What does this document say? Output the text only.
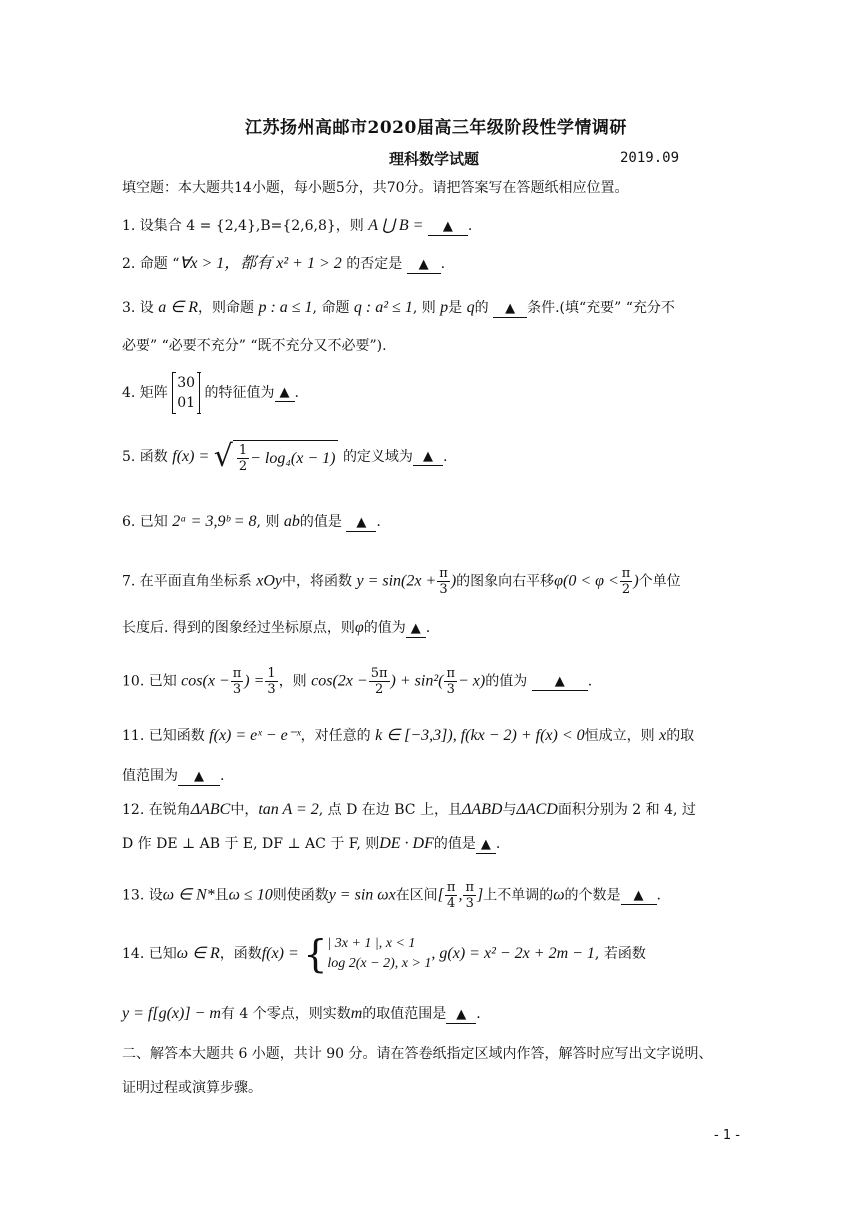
江苏扬州高邮市2020届高三年级阶段性学情调研
理科数学试题	2019.09
填空题：本大题共14小题，每小题5分，共70分。请把答案写在答题纸相应位置。
1. 设集合 4 = {2,4},B={2,6,8}，则 A ⋃ B = ▲ .
2. 命题 “∀x > 1，都有 x² + 1 > 2 的否定是 ▲ .
3. 设 a ∈ R，则命题 p : a ≤ 1, 命题 q : a² ≤ 1, 则 p是 q的 ▲ 条件.(填“充要” “充分不
必要” “必要不充分” “既不充分又不必要”).
4. 矩阵
30
01
的特征值为 ▲ .
5. 函数 f(x) = √ $\frac{1}{2} - \log_4(x - 1)$ 的定义域为 ▲ .
6. 已知 2ᵃ = 3,9ᵇ = 8, 则 ab的值是 ▲ .
7. 在平面直角坐标系 xOy中，将函数 $y = \sin(2x + \frac{\pi}{3}$ )的图象向右平移$\varphi(0 < \varphi < \frac{\pi}{2}$ )个单位
长度后. 得到的图象经过坐标原点，则φ的值为 ▲ .
10. 已知 $\cos(x - \frac{\pi}{3}$ ) = $\frac{1}{3}$ ，则 $\cos(2x - \frac{5\pi}{2}$ ) + $\sin^2( \frac{\pi}{3} - x)$的值为 ▲ .
11. 已知函数 f(x) = eˣ − e⁻ˣ，对任意的 k ∈ [−3,3]), f(kx − 2) + f(x) < 0恒成立，则 x的取
值范围为 ▲ .
12. 在锐角ΔABC中，tan A = 2, 点 D 在边 BC 上，且ΔABD与ΔACD面积分别为 2 和 4, 过
D 作 DE ⊥ AB 于 E, DF ⊥ AC 于 F, 则DE · DF的值是 ▲ .
13. 设ω ∈ N*且ω ≤ 10则使函数y = sin ωx在区间[ $\frac{\pi}{4}$ , $\frac{\pi}{3}$ ]上不单调的ω的个数是 ▲ .
14. 已知ω ∈ R，函数f(x) = { | 3x + 1 |, x < 1
log 2(x − 2), x > 1
, g(x) = x² − 2x + 2m − 1, 若函数
y = f[g(x)] − m有 4 个零点，则实数m的取值范围是 ▲ .
二、解答本大题共 6 小题，共计 90 分。请在答卷纸指定区域内作答，解答时应写出文字说明、
证明过程或演算步骤。
- 1 -
